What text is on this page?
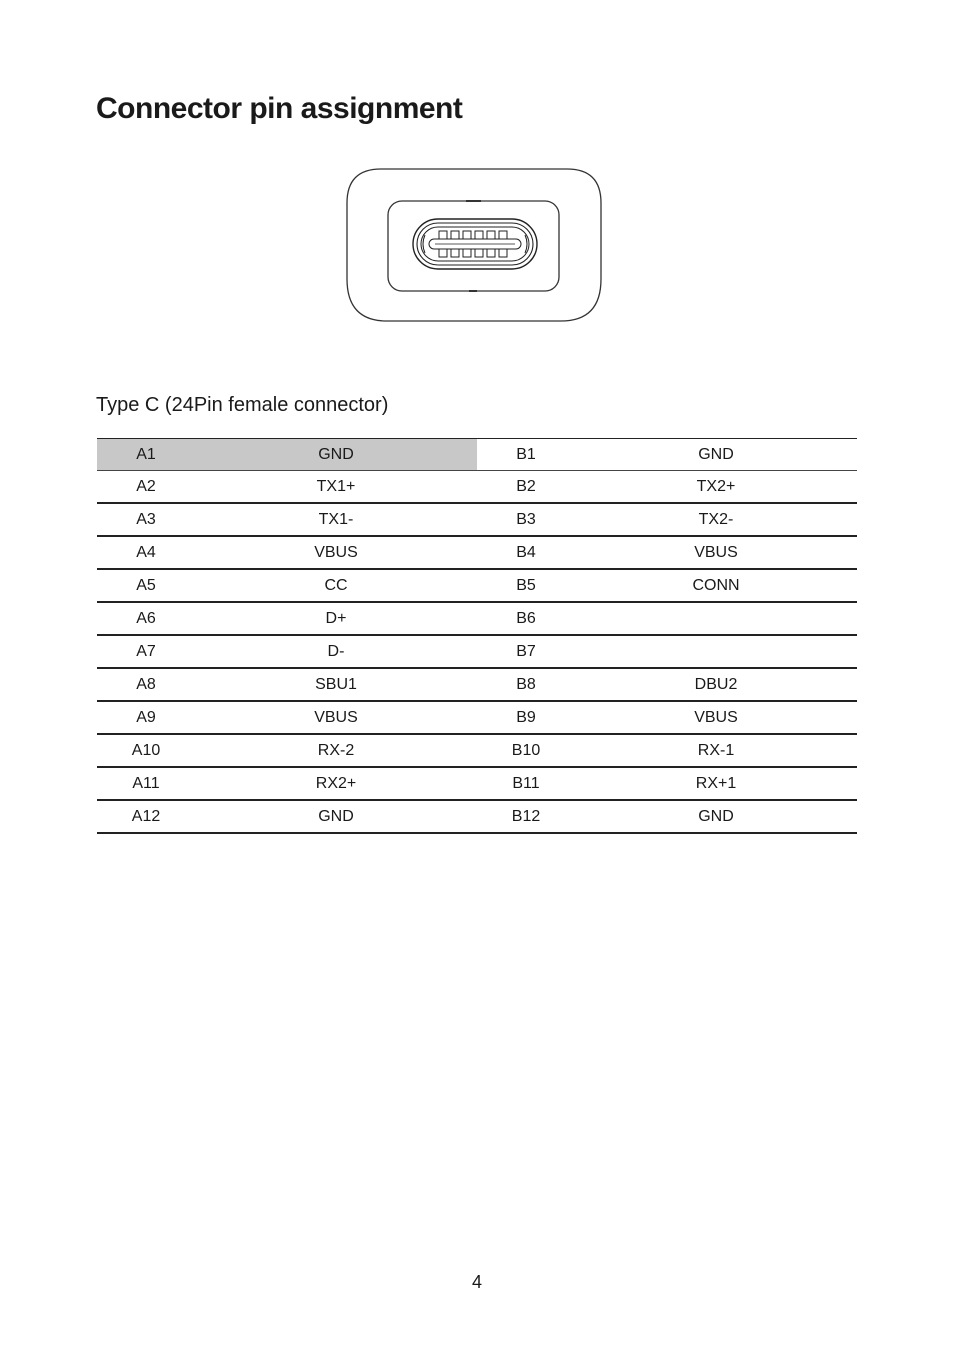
Connector pin assignment
Type C (24Pin female connector)
A1	GND	B1	GND
A2	TX1+	B2	TX2+
A3	TX1-	B3	TX2-
A4	VBUS	B4	VBUS
A5	CC	B5	CONN
A6	D+	B6	
A7	D-	B7	
A8	SBU1	B8	DBU2
A9	VBUS	B9	VBUS
A10	RX-2	B10	RX-1
A11	RX2+	B11	RX+1
A12	GND	B12	GND
4
